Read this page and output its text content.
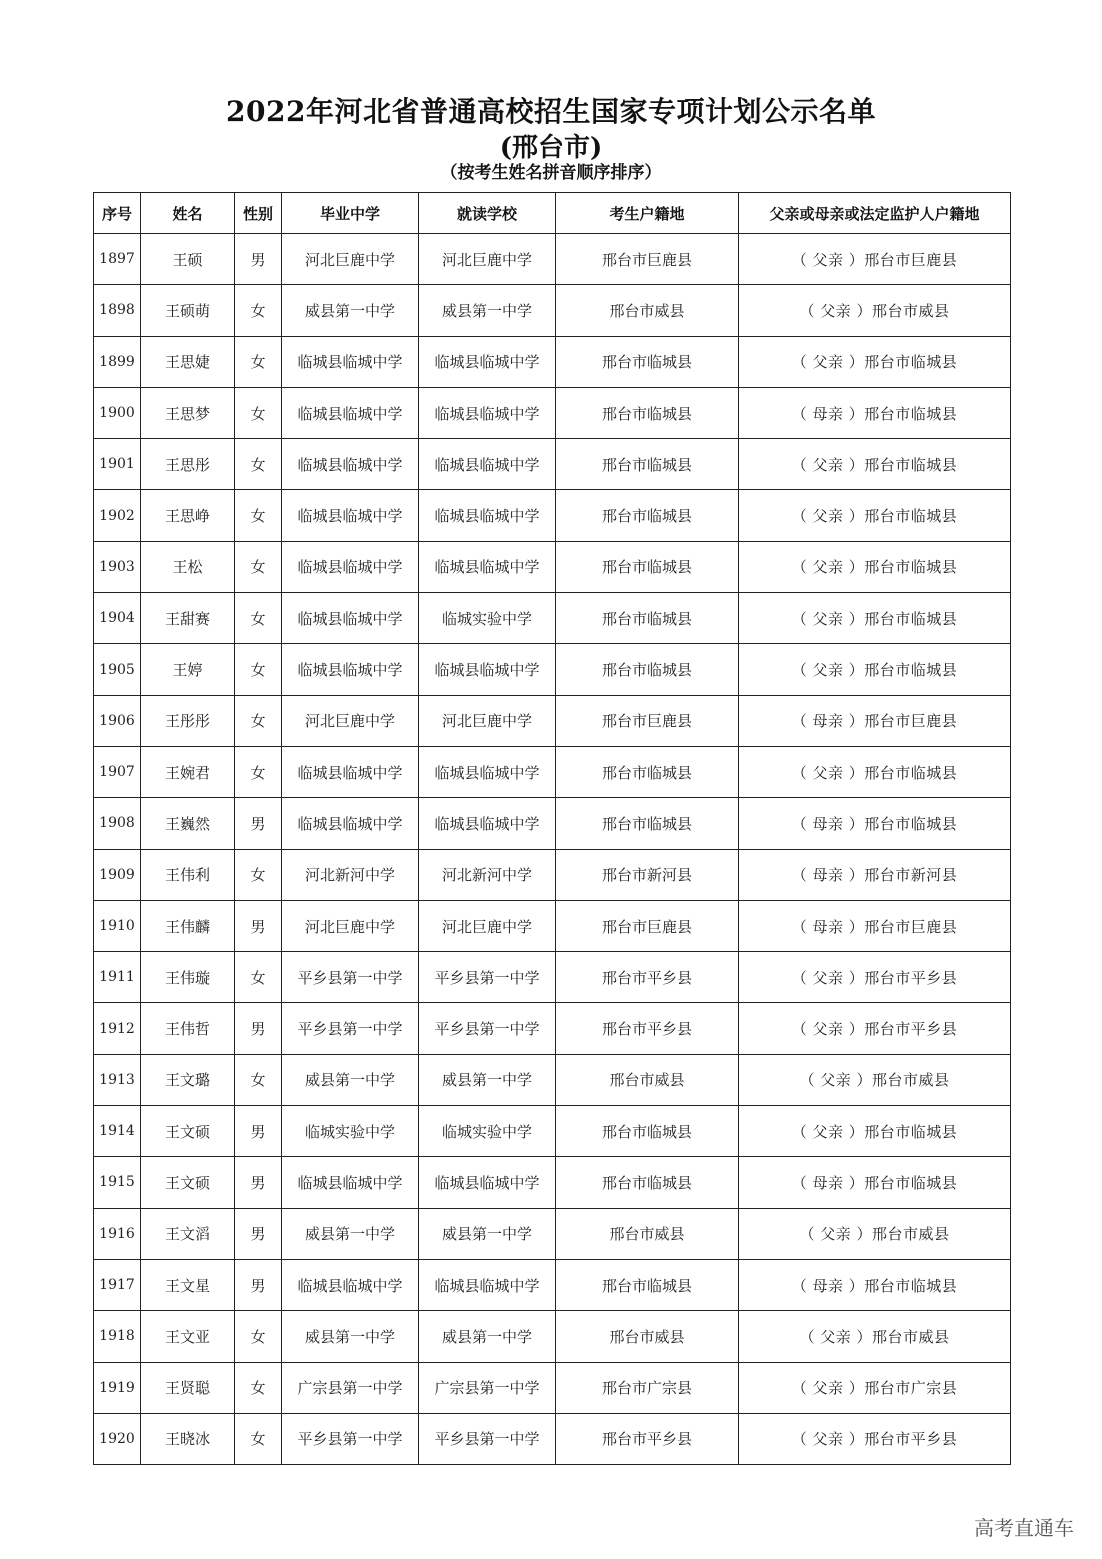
2022年河北省普通高校招生国家专项计划公示名单
(邢台市)
（按考生姓名拼音顺序排序）
序号	姓名	性别	毕业中学	就读学校	考生户籍地	父亲或母亲或法定监护人户籍地
1897	王硕	男	河北巨鹿中学	河北巨鹿中学	邢台市巨鹿县	（ 父亲 ）邢台市巨鹿县
1898	王硕萌	女	威县第一中学	威县第一中学	邢台市威县	（ 父亲 ）邢台市威县
1899	王思婕	女	临城县临城中学	临城县临城中学	邢台市临城县	（ 父亲 ）邢台市临城县
1900	王思梦	女	临城县临城中学	临城县临城中学	邢台市临城县	（ 母亲 ）邢台市临城县
1901	王思彤	女	临城县临城中学	临城县临城中学	邢台市临城县	（ 父亲 ）邢台市临城县
1902	王思峥	女	临城县临城中学	临城县临城中学	邢台市临城县	（ 父亲 ）邢台市临城县
1903	王松	女	临城县临城中学	临城县临城中学	邢台市临城县	（ 父亲 ）邢台市临城县
1904	王甜赛	女	临城县临城中学	临城实验中学	邢台市临城县	（ 父亲 ）邢台市临城县
1905	王婷	女	临城县临城中学	临城县临城中学	邢台市临城县	（ 父亲 ）邢台市临城县
1906	王彤彤	女	河北巨鹿中学	河北巨鹿中学	邢台市巨鹿县	（ 母亲 ）邢台市巨鹿县
1907	王婉君	女	临城县临城中学	临城县临城中学	邢台市临城县	（ 父亲 ）邢台市临城县
1908	王巍然	男	临城县临城中学	临城县临城中学	邢台市临城县	（ 母亲 ）邢台市临城县
1909	王伟利	女	河北新河中学	河北新河中学	邢台市新河县	（ 母亲 ）邢台市新河县
1910	王伟麟	男	河北巨鹿中学	河北巨鹿中学	邢台市巨鹿县	（ 母亲 ）邢台市巨鹿县
1911	王伟璇	女	平乡县第一中学	平乡县第一中学	邢台市平乡县	（ 父亲 ）邢台市平乡县
1912	王伟哲	男	平乡县第一中学	平乡县第一中学	邢台市平乡县	（ 父亲 ）邢台市平乡县
1913	王文璐	女	威县第一中学	威县第一中学	邢台市威县	（ 父亲 ）邢台市威县
1914	王文硕	男	临城实验中学	临城实验中学	邢台市临城县	（ 父亲 ）邢台市临城县
1915	王文硕	男	临城县临城中学	临城县临城中学	邢台市临城县	（ 母亲 ）邢台市临城县
1916	王文滔	男	威县第一中学	威县第一中学	邢台市威县	（ 父亲 ）邢台市威县
1917	王文星	男	临城县临城中学	临城县临城中学	邢台市临城县	（ 母亲 ）邢台市临城县
1918	王文亚	女	威县第一中学	威县第一中学	邢台市威县	（ 父亲 ）邢台市威县
1919	王贤聪	女	广宗县第一中学	广宗县第一中学	邢台市广宗县	（ 父亲 ）邢台市广宗县
1920	王晓冰	女	平乡县第一中学	平乡县第一中学	邢台市平乡县	（ 父亲 ）邢台市平乡县
高考直通车
